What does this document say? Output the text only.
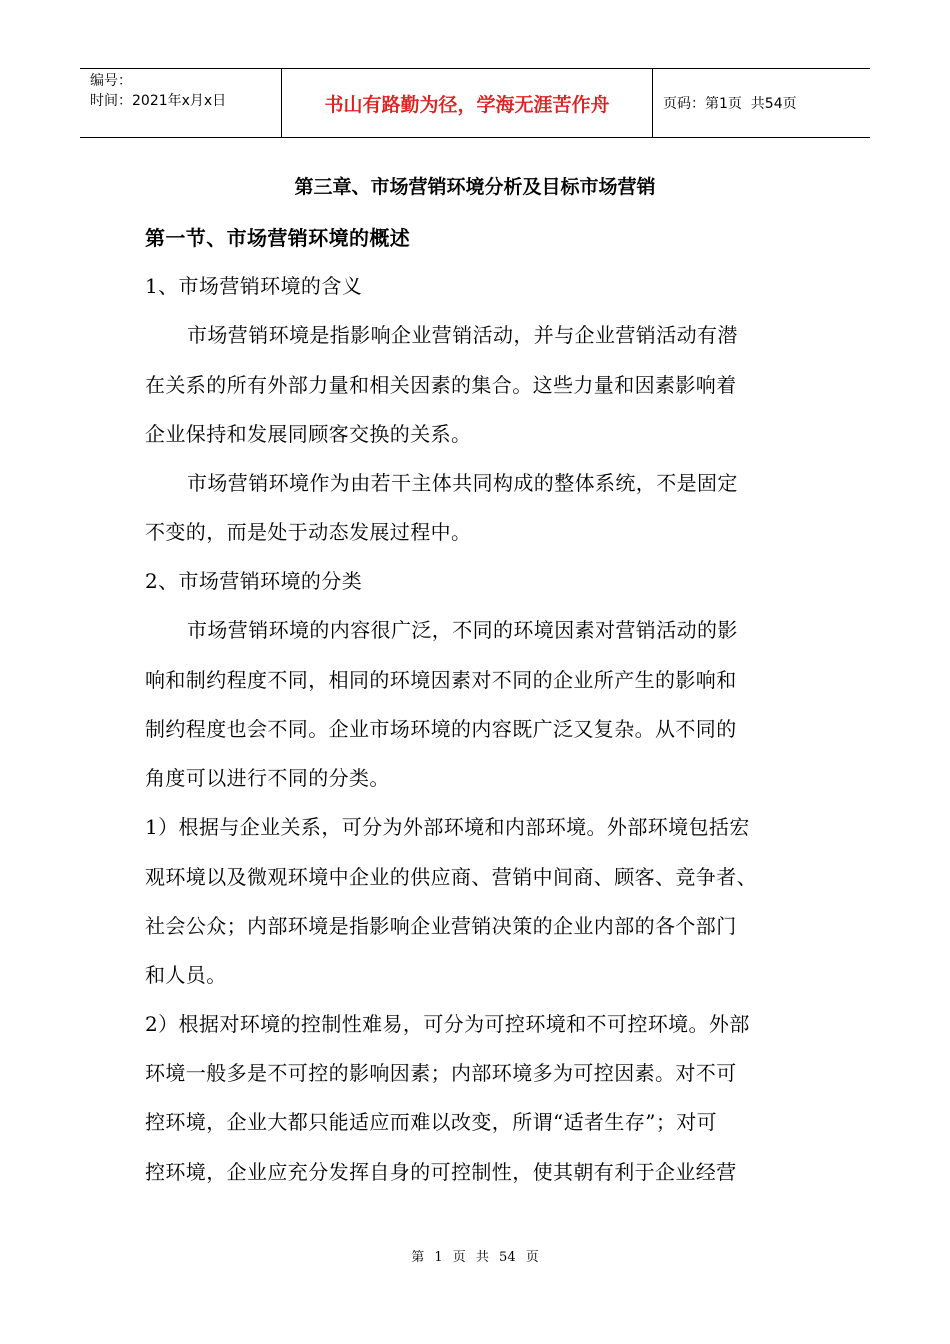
编号：
时间：2021年x月x日	书山有路勤为径，学海无涯苦作舟	页码：第1页  共54页
第三章、市场营销环境分析及目标市场营销
第一节、市场营销环境的概述
1、市场营销环境的含义
市场营销环境是指影响企业营销活动，并与企业营销活动有潜
在关系的所有外部力量和相关因素的集合。这些力量和因素影响着
企业保持和发展同顾客交换的关系。
市场营销环境作为由若干主体共同构成的整体系统，不是固定
不变的，而是处于动态发展过程中。
2、市场营销环境的分类
市场营销环境的内容很广泛，不同的环境因素对营销活动的影
响和制约程度不同，相同的环境因素对不同的企业所产生的影响和
制约程度也会不同。企业市场环境的内容既广泛又复杂。从不同的
角度可以进行不同的分类。
1）根据与企业关系，可分为外部环境和内部环境。外部环境包括宏
观环境以及微观环境中企业的供应商、营销中间商、顾客、竞争者、
社会公众；内部环境是指影响企业营销决策的企业内部的各个部门
和人员。
2）根据对环境的控制性难易，可分为可控环境和不可控环境。外部
环境一般多是不可控的影响因素；内部环境多为可控因素。对不可
控环境，企业大都只能适应而难以改变，所谓“适者生存”；对可
控环境，企业应充分发挥自身的可控制性，使其朝有利于企业经营
第 1 页 共 54 页
